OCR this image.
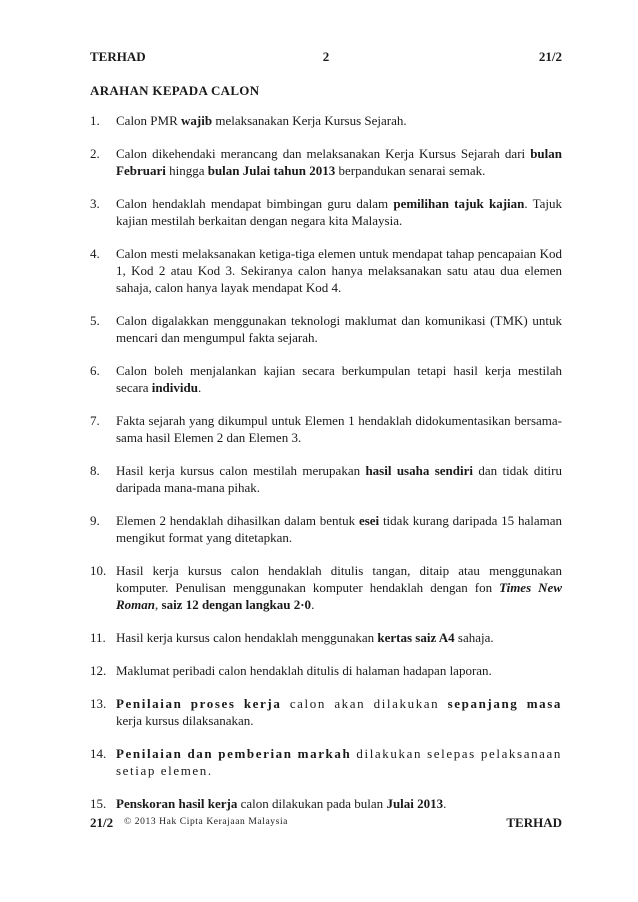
TERHAD	2	21/2
ARAHAN KEPADA CALON
1. Calon PMR wajib melaksanakan Kerja Kursus Sejarah.
2. Calon dikehendaki merancang dan melaksanakan Kerja Kursus Sejarah dari bulan Februari hingga bulan Julai tahun 2013 berpandukan senarai semak.
3. Calon hendaklah mendapat bimbingan guru dalam pemilihan tajuk kajian. Tajuk kajian mestilah berkaitan dengan negara kita Malaysia.
4. Calon mesti melaksanakan ketiga-tiga elemen untuk mendapat tahap pencapaian Kod 1, Kod 2 atau Kod 3. Sekiranya calon hanya melaksanakan satu atau dua elemen sahaja, calon hanya layak mendapat Kod 4.
5. Calon digalakkan menggunakan teknologi maklumat dan komunikasi (TMK) untuk mencari dan mengumpul fakta sejarah.
6. Calon boleh menjalankan kajian secara berkumpulan tetapi hasil kerja mestilah secara individu.
7. Fakta sejarah yang dikumpul untuk Elemen 1 hendaklah didokumentasikan bersama-sama hasil Elemen 2 dan Elemen 3.
8. Hasil kerja kursus calon mestilah merupakan hasil usaha sendiri dan tidak ditiru daripada mana-mana pihak.
9. Elemen 2 hendaklah dihasilkan dalam bentuk esei tidak kurang daripada 15 halaman mengikut format yang ditetapkan.
10. Hasil kerja kursus calon hendaklah ditulis tangan, ditaip atau menggunakan komputer. Penulisan menggunakan komputer hendaklah dengan fon Times New Roman, saiz 12 dengan langkau 2·0.
11. Hasil kerja kursus calon hendaklah menggunakan kertas saiz A4 sahaja.
12. Maklumat peribadi calon hendaklah ditulis di halaman hadapan laporan.
13. Penilaian proses kerja calon akan dilakukan sepanjang masa kerja kursus dilaksanakan.
14. Penilaian dan pemberian markah dilakukan selepas pelaksanaan setiap elemen.
15. Penskoran hasil kerja calon dilakukan pada bulan Julai 2013.
21/2 © 2013 Hak Cipta Kerajaan Malaysia	TERHAD
